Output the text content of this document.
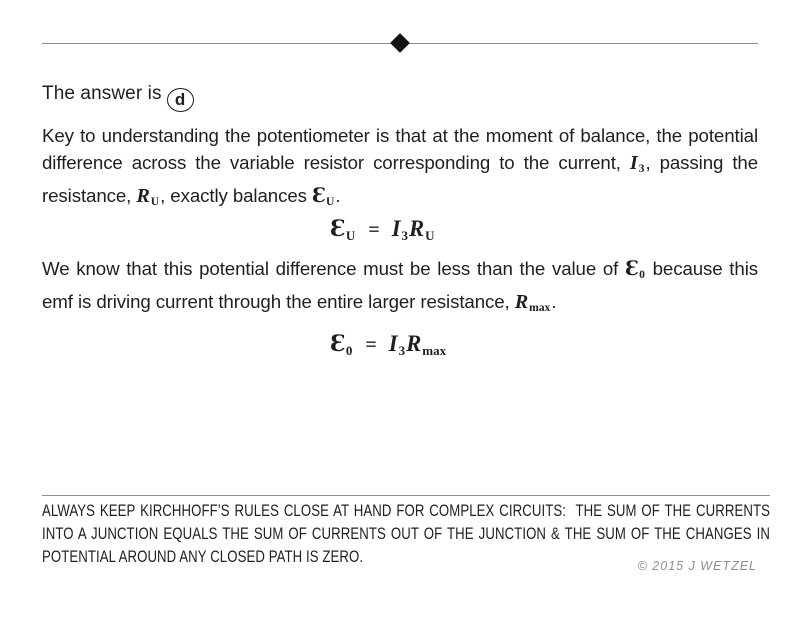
The answer is d

Key to understanding the potentiometer is that at the moment of balance, the potential difference across the variable resistor corresponding to the current, $I_3$, passing the resistance, $R_U$, exactly balances $Ɛ_U$.

$Ɛ_U = I_3R_U$

We know that this potential difference must be less than the value of $Ɛ_0$ because this emf is driving current through the entire larger resistance, $R_{max}$.

$Ɛ_0 = I_3R_{max}$
ALWAYS KEEP KIRCHHOFF’S RULES CLOSE AT HAND FOR COMPLEX CIRCUITS:  THE SUM OF THE CURRENTS INTO A JUNCTION EQUALS THE SUM OF CURRENTS OUT OF THE JUNCTION & THE SUM OF THE CHANGES IN POTENTIAL AROUND ANY CLOSED PATH IS ZERO.	© 2015 J WETZEL
